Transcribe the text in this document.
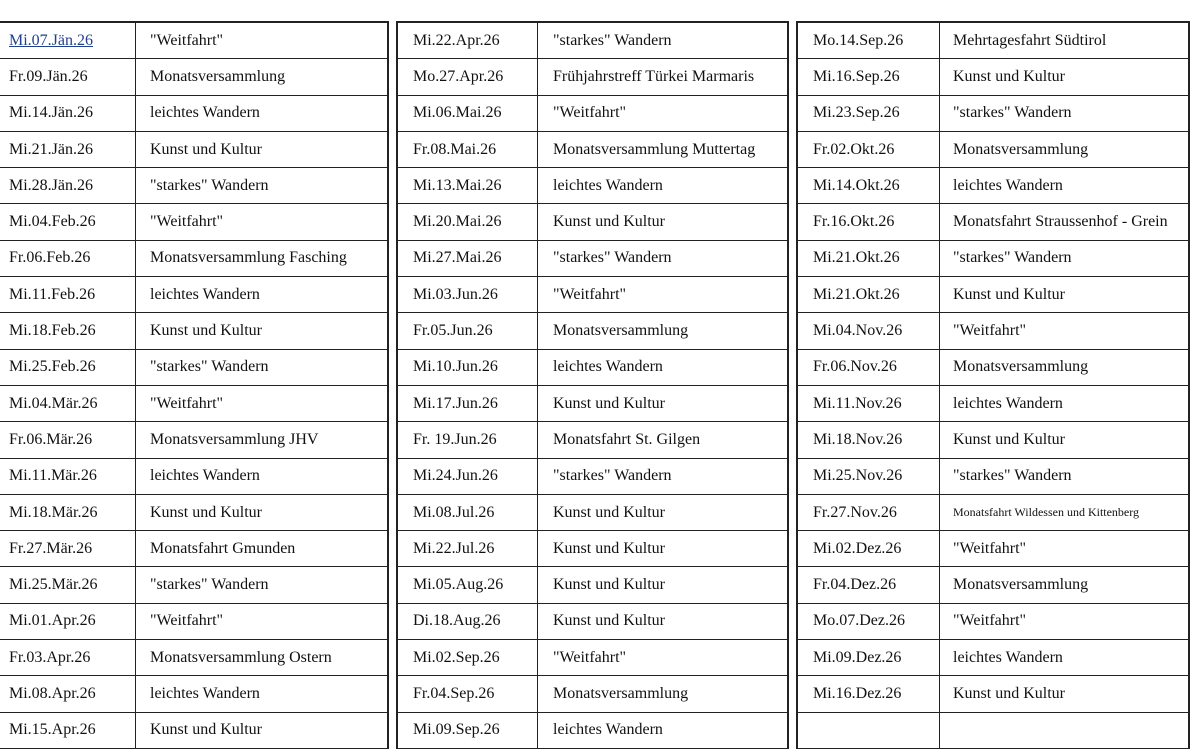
Mi.07.Jän.26	"Weitfahrt"
Fr.09.Jän.26	Monatsversammlung
Mi.14.Jän.26	leichtes Wandern
Mi.21.Jän.26	Kunst und Kultur
Mi.28.Jän.26	"starkes" Wandern
Mi.04.Feb.26	"Weitfahrt"
Fr.06.Feb.26	Monatsversammlung Fasching
Mi.11.Feb.26	leichtes Wandern
Mi.18.Feb.26	Kunst und Kultur
Mi.25.Feb.26	"starkes" Wandern
Mi.04.Mär.26	"Weitfahrt"
Fr.06.Mär.26	Monatsversammlung JHV
Mi.11.Mär.26	leichtes Wandern
Mi.18.Mär.26	Kunst und Kultur
Fr.27.Mär.26	Monatsfahrt Gmunden
Mi.25.Mär.26	"starkes" Wandern
Mi.01.Apr.26	"Weitfahrt"
Fr.03.Apr.26	Monatsversammlung Ostern
Mi.08.Apr.26	leichtes Wandern
Mi.15.Apr.26	Kunst und Kultur
Mi.22.Apr.26	"starkes" Wandern
Mo.27.Apr.26	Frühjahrstreff Türkei Marmaris
Mi.06.Mai.26	"Weitfahrt"
Fr.08.Mai.26	Monatsversammlung Muttertag
Mi.13.Mai.26	leichtes Wandern
Mi.20.Mai.26	Kunst und Kultur
Mi.27.Mai.26	"starkes" Wandern
Mi.03.Jun.26	"Weitfahrt"
Fr.05.Jun.26	Monatsversammlung
Mi.10.Jun.26	leichtes Wandern
Mi.17.Jun.26	Kunst und Kultur
Fr. 19.Jun.26	Monatsfahrt St. Gilgen
Mi.24.Jun.26	"starkes" Wandern
Mi.08.Jul.26	Kunst und Kultur
Mi.22.Jul.26	Kunst und Kultur
Mi.05.Aug.26	Kunst und Kultur
Di.18.Aug.26	Kunst und Kultur
Mi.02.Sep.26	"Weitfahrt"
Fr.04.Sep.26	Monatsversammlung
Mi.09.Sep.26	leichtes Wandern
Mo.14.Sep.26	Mehrtagesfahrt Südtirol
Mi.16.Sep.26	Kunst und Kultur
Mi.23.Sep.26	"starkes" Wandern
Fr.02.Okt.26	Monatsversammlung
Mi.14.Okt.26	leichtes Wandern
Fr.16.Okt.26	Monatsfahrt Straussenhof - Grein
Mi.21.Okt.26	"starkes" Wandern
Mi.21.Okt.26	Kunst und Kultur
Mi.04.Nov.26	"Weitfahrt"
Fr.06.Nov.26	Monatsversammlung
Mi.11.Nov.26	leichtes Wandern
Mi.18.Nov.26	Kunst und Kultur
Mi.25.Nov.26	"starkes" Wandern
Fr.27.Nov.26	Monatsfahrt Wildessen und Kittenberg
Mi.02.Dez.26	"Weitfahrt"
Fr.04.Dez.26	Monatsversammlung
Mo.07.Dez.26	"Weitfahrt"
Mi.09.Dez.26	leichtes Wandern
Mi.16.Dez.26	Kunst und Kultur
